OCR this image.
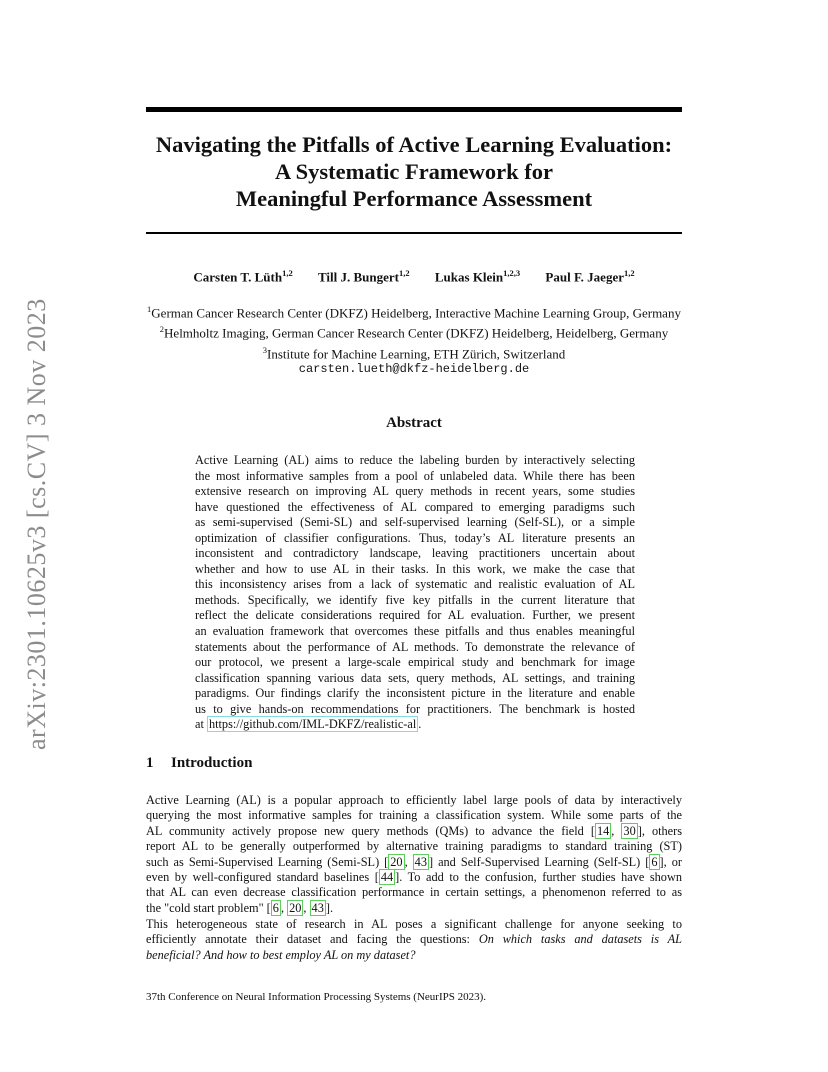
arXiv:2301.10625v3 [cs.CV] 3 Nov 2023
Navigating the Pitfalls of Active Learning Evaluation:
A Systematic Framework for
Meaningful Performance Assessment
Carsten T. Lüth$^{1,2}$ Till J. Bungert$^{1,2}$ Lukas Klein$^{1,2,3}$ Paul F. Jaeger$^{1,2}$
$^1$German Cancer Research Center (DKFZ) Heidelberg, Interactive Machine Learning Group, Germany
$^2$Helmholtz Imaging, German Cancer Research Center (DKFZ) Heidelberg, Heidelberg, Germany
$^3$Institute for Machine Learning, ETH Zürich, Switzerland
carsten.lueth@dkfz-heidelberg.de
Abstract
Active Learning (AL) aims to reduce the labeling burden by interactively selecting
the most informative samples from a pool of unlabeled data. While there has been
extensive research on improving AL query methods in recent years, some studies
have questioned the effectiveness of AL compared to emerging paradigms such
as semi-supervised (Semi-SL) and self-supervised learning (Self-SL), or a simple
optimization of classifier configurations. Thus, today’s AL literature presents an
inconsistent and contradictory landscape, leaving practitioners uncertain about
whether and how to use AL in their tasks. In this work, we make the case that
this inconsistency arises from a lack of systematic and realistic evaluation of AL
methods. Specifically, we identify five key pitfalls in the current literature that
reflect the delicate considerations required for AL evaluation. Further, we present
an evaluation framework that overcomes these pitfalls and thus enables meaningful
statements about the performance of AL methods. To demonstrate the relevance of
our protocol, we present a large-scale empirical study and benchmark for image
classification spanning various data sets, query methods, AL settings, and training
paradigms. Our findings clarify the inconsistent picture in the literature and enable
us to give hands-on recommendations for practitioners. The benchmark is hosted
at https://github.com/IML-DKFZ/realistic-al .
1 Introduction
Active Learning (AL) is a popular approach to efficiently label large pools of data by interactively
querying the most informative samples for training a classification system. While some parts of the
AL community actively propose new query methods (QMs) to advance the field [ 14 , 30 ], others
report AL to be generally outperformed by alternative training paradigms to standard training (ST)
such as Semi-Supervised Learning (Semi-SL) [ 20 , 43 ] and Self-Supervised Learning (Self-SL) [ 6 ], or
even by well-configured standard baselines [ 44 ]. To add to the confusion, further studies have shown
that AL can even decrease classification performance in certain settings, a phenomenon referred to as
the "cold start problem" [ 6 , 20 , 43 ].
This heterogeneous state of research in AL poses a significant challenge for anyone seeking to
efficiently annotate their dataset and facing the questions: On which tasks and datasets is AL
beneficial? And how to best employ AL on my dataset?
37th Conference on Neural Information Processing Systems (NeurIPS 2023).
